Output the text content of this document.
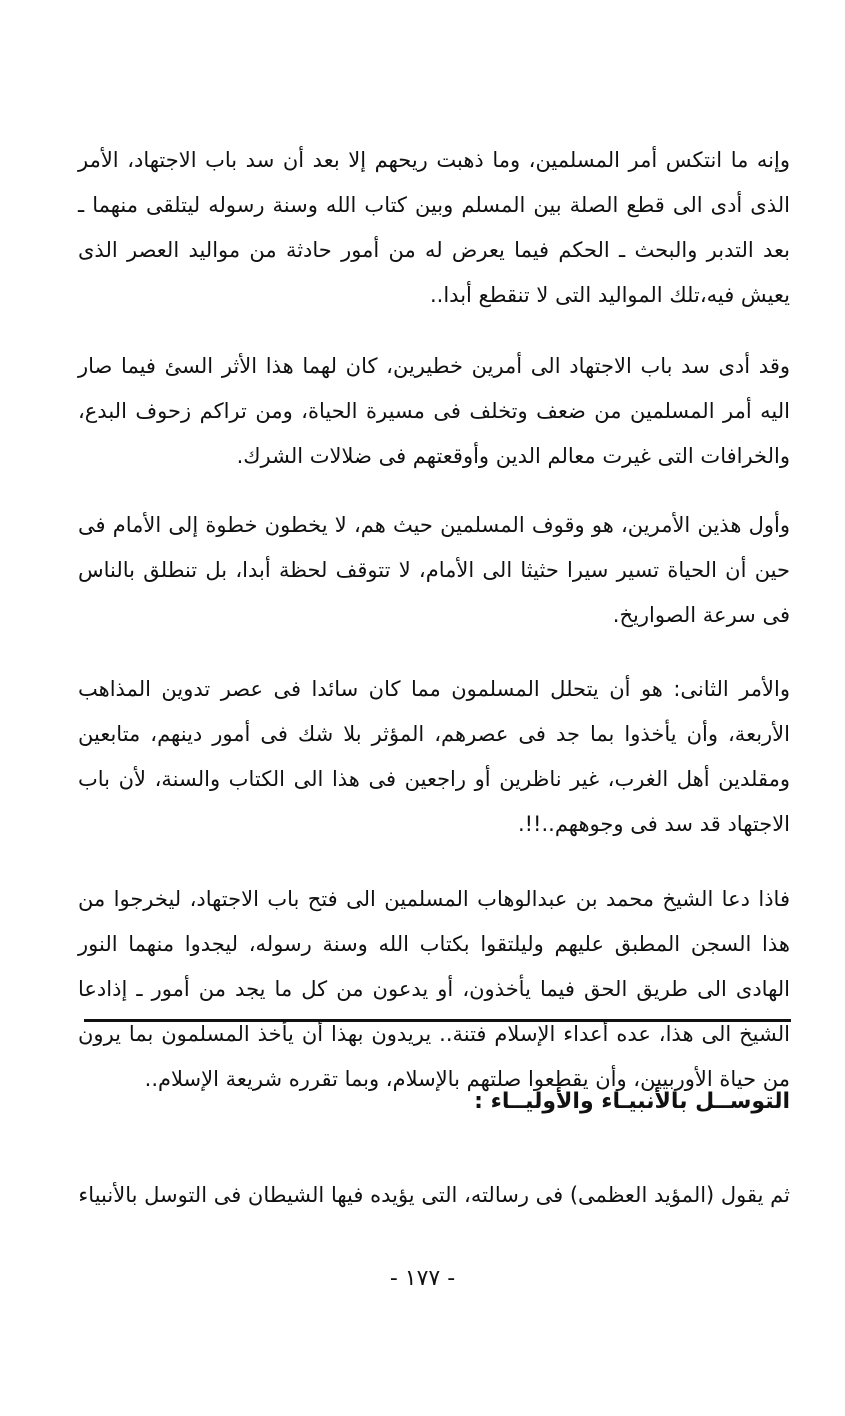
وإنه ما انتكس أمر المسلمين، وما ذهبت ريحهم إلا بعد أن سد باب الاجتهاد، الأمر الذى أدى الى قطع الصلة بين المسلم وبين كتاب الله وسنة رسوله ليتلقى منهما ـ بعد التدبر والبحث ـ الحكم فيما يعرض له من أمور حادثة من مواليد العصر الذى يعيش فيه،تلك المواليد التى لا تنقطع أبدا..

وقد أدى سد باب الاجتهاد الى أمرين خطيرين، كان لهما هذا الأثر السئ فيما صار اليه أمر المسلمين من ضعف وتخلف فى مسيرة الحياة، ومن تراكم زحوف البدع، والخرافات التى غيرت معالم الدين وأوقعتهم فى ضلالات الشرك.

وأول هذين الأمرين، هو وقوف المسلمين حيث هم، لا يخطون خطوة إلى الأمام فى حين أن الحياة تسير سيرا حثيثا الى الأمام، لا تتوقف لحظة أبدا، بل تنطلق بالناس فى سرعة الصواريخ.

والأمر الثانى: هو أن يتحلل المسلمون مما كان سائدا فى عصر تدوين المذاهب الأربعة، وأن يأخذوا بما جد فى عصرهم، المؤثر بلا شك فى أمور دينهم، متابعين ومقلدين أهل الغرب، غير ناظرين أو راجعين فى هذا الى الكتاب والسنة، لأن باب الاجتهاد قد سد فى وجوههم..!!.

فاذا دعا الشيخ محمد بن عبدالوهاب المسلمين الى فتح باب الاجتهاد، ليخرجوا من هذا السجن المطبق عليهم وليلتقوا بكتاب الله وسنة رسوله، ليجدوا منهما النور الهادى الى طريق الحق فيما يأخذون، أو يدعون من كل ما يجد من أمور ـ إذادعا الشيخ الى هذا، عده أعداء الإسلام فتنة.. يريدون بهذا أن يأخذ المسلمون بما يرون من حياة الأوربيين، وأن يقطعوا صلتهم بالإسلام، وبما تقرره شريعة الإسلام..

التوســل بالأنبيـاء والأوليــاء :

ثم يقول (المؤيد العظمى) فى رسالته، التى يؤيده فيها الشيطان فى التوسل بالأنبياء

- ١٧٧ -
